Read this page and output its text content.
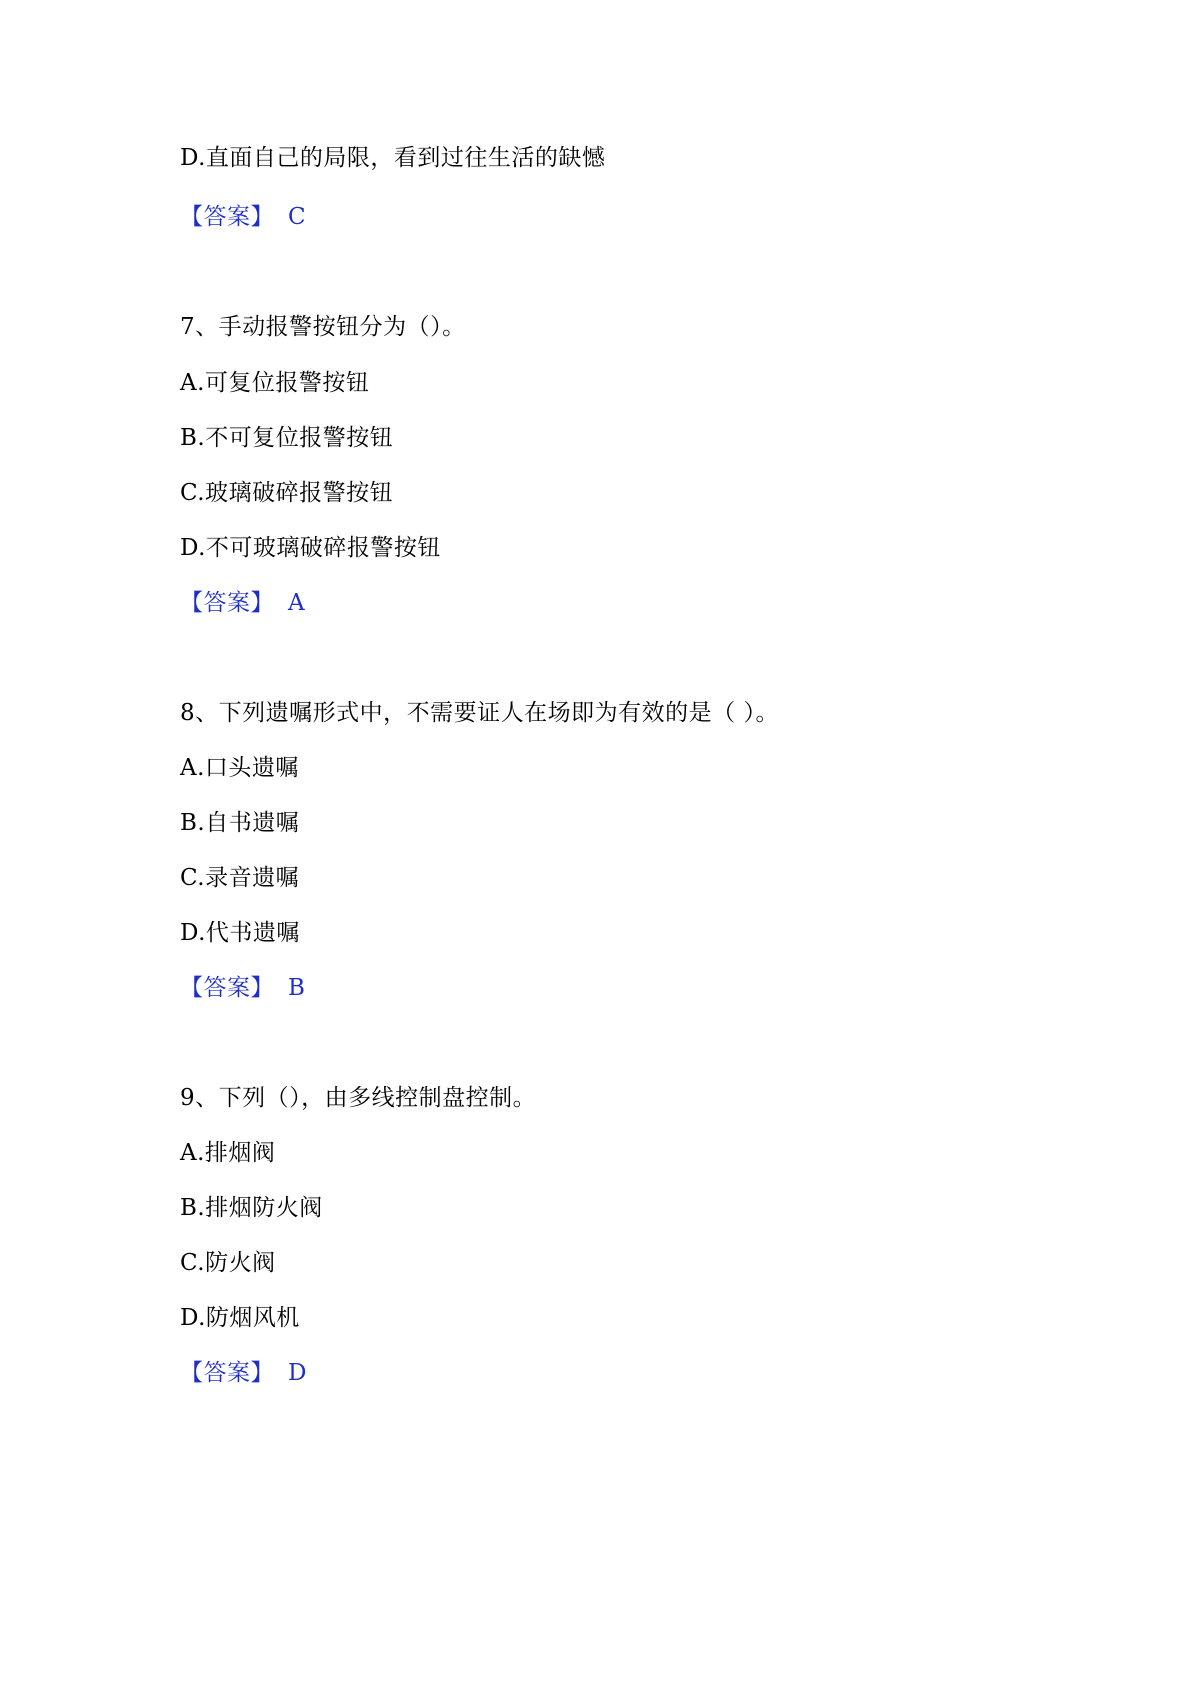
D.直面自己的局限，看到过往生活的缺憾
【答案】 C
7、手动报警按钮分为（）。
A.可复位报警按钮
B.不可复位报警按钮
C.玻璃破碎报警按钮
D.不可玻璃破碎报警按钮
【答案】 A
8、下列遗嘱形式中，不需要证人在场即为有效的是（ ）。
A.口头遗嘱
B.自书遗嘱
C.录音遗嘱
D.代书遗嘱
【答案】 B
9、下列（），由多线控制盘控制。
A.排烟阀
B.排烟防火阀
C.防火阀
D.防烟风机
【答案】 D
